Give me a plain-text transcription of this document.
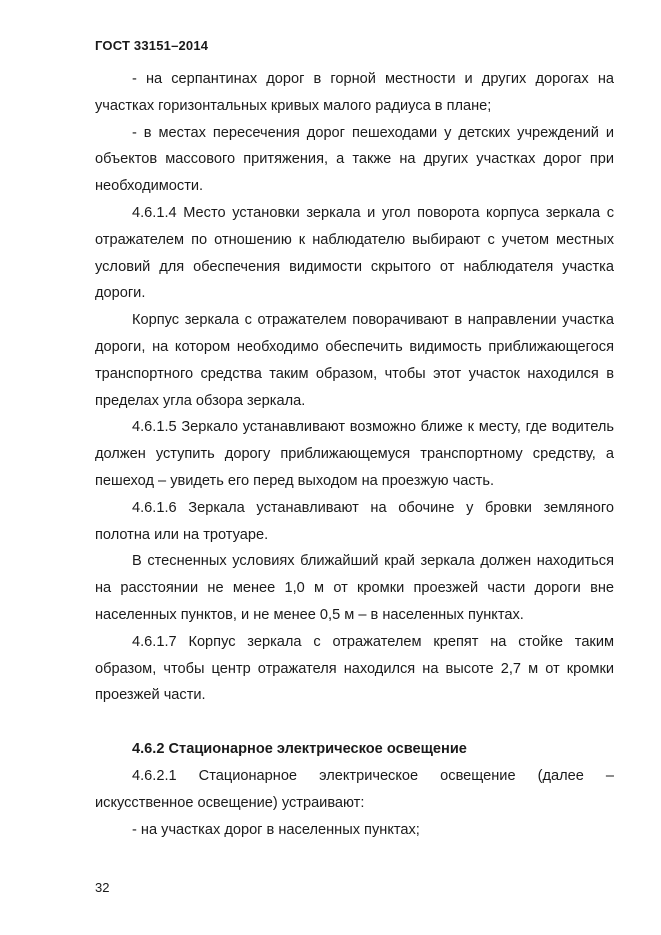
ГОСТ 33151–2014

- на серпантинах дорог в горной местности и других дорогах на участках горизонтальных кривых малого радиуса в плане;

- в местах пересечения дорог пешеходами у детских учреждений и объектов массового притяжения, а также на других участках дорог при необходимости.

4.6.1.4 Место установки зеркала и угол поворота корпуса зеркала с отражателем по отношению к наблюдателю выбирают с учетом местных условий для обеспечения видимости скрытого от наблюдателя участка дороги.

Корпус зеркала с отражателем поворачивают в направлении участка дороги, на котором необходимо обеспечить видимость приближающегося транспортного средства таким образом, чтобы этот участок находился в пределах угла обзора зеркала.

4.6.1.5 Зеркало устанавливают возможно ближе к месту, где водитель должен уступить дорогу приближающемуся транспортному средству, а пешеход – увидеть его перед выходом на проезжую часть.

4.6.1.6 Зеркала устанавливают на обочине у бровки земляного полотна или на тротуаре.

В стесненных условиях ближайший край зеркала должен находиться на расстоянии не менее 1,0 м от кромки проезжей части дороги вне населенных пунктов, и не менее 0,5 м – в населенных пунктах.

4.6.1.7 Корпус зеркала с отражателем крепят на стойке таким образом, чтобы центр отражателя находился на высоте 2,7 м от кромки проезжей части.

4.6.2 Стационарное электрическое освещение

4.6.2.1 Стационарное электрическое освещение (далее – искусственное освещение) устраивают:

- на участках дорог в населенных пунктах;

32
